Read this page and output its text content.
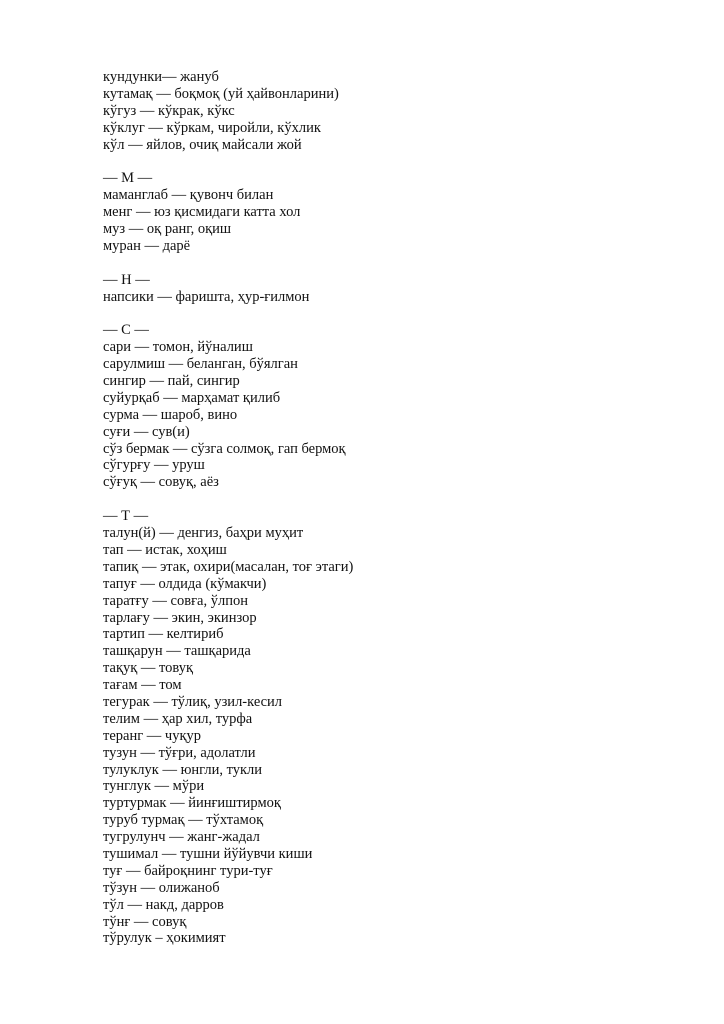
кундунки— жануб
кутамақ — боқмоқ (уй ҳайвонларини)
кўгуз — кўкрак, кўкс
кўклуг — кўркам, чиройли, кўхлик
кўл — яйлов, очиқ майсали жой
— М —
маманглаб — қувонч билан
менг — юз қисмидаги катта хол
муз — оқ ранг, оқиш
муран — дарё
— Н —
напсики — фаришта, ҳур-ғилмон
— С —
сари — томон, йўналиш
сарулмиш — беланган, бўялган
сингир — пай, сингир
суйурқаб — марҳамат қилиб
сурма — шароб, вино
суғи — сув(и)
сўз бермак — сўзга солмоқ, гап бермоқ
сўгурғу — уруш
сўғуқ — совуқ, аёз
— Т —
талун(й) — денгиз, баҳри муҳит
тап — истак, хоҳиш
тапиқ — этак, охири(масалан, тоғ этаги)
тапуғ — олдида (кўмакчи)
таратғу — совға, ўлпон
тарлағу — экин, экинзор
тартип — келтириб
ташқарун — ташқарида
тақуқ — товуқ
тағам — том
тегурак — тўлиқ, узил-кесил
телим — ҳар хил, турфа
теранг — чуқур
тузун — тўғри, адолатли
тулуклук — юнгли, тукли
тунглук — мўри
туртурмак — йинғиштирмоқ
туруб турмақ — тўхтамоқ
тугрулунч — жанг-жадал
тушимал — тушни йўйувчи киши
туғ — байроқнинг тури-туғ
тўзун — олижаноб
тўл — накд, дарров
тўнғ — совуқ
тўрулук – ҳокимият
